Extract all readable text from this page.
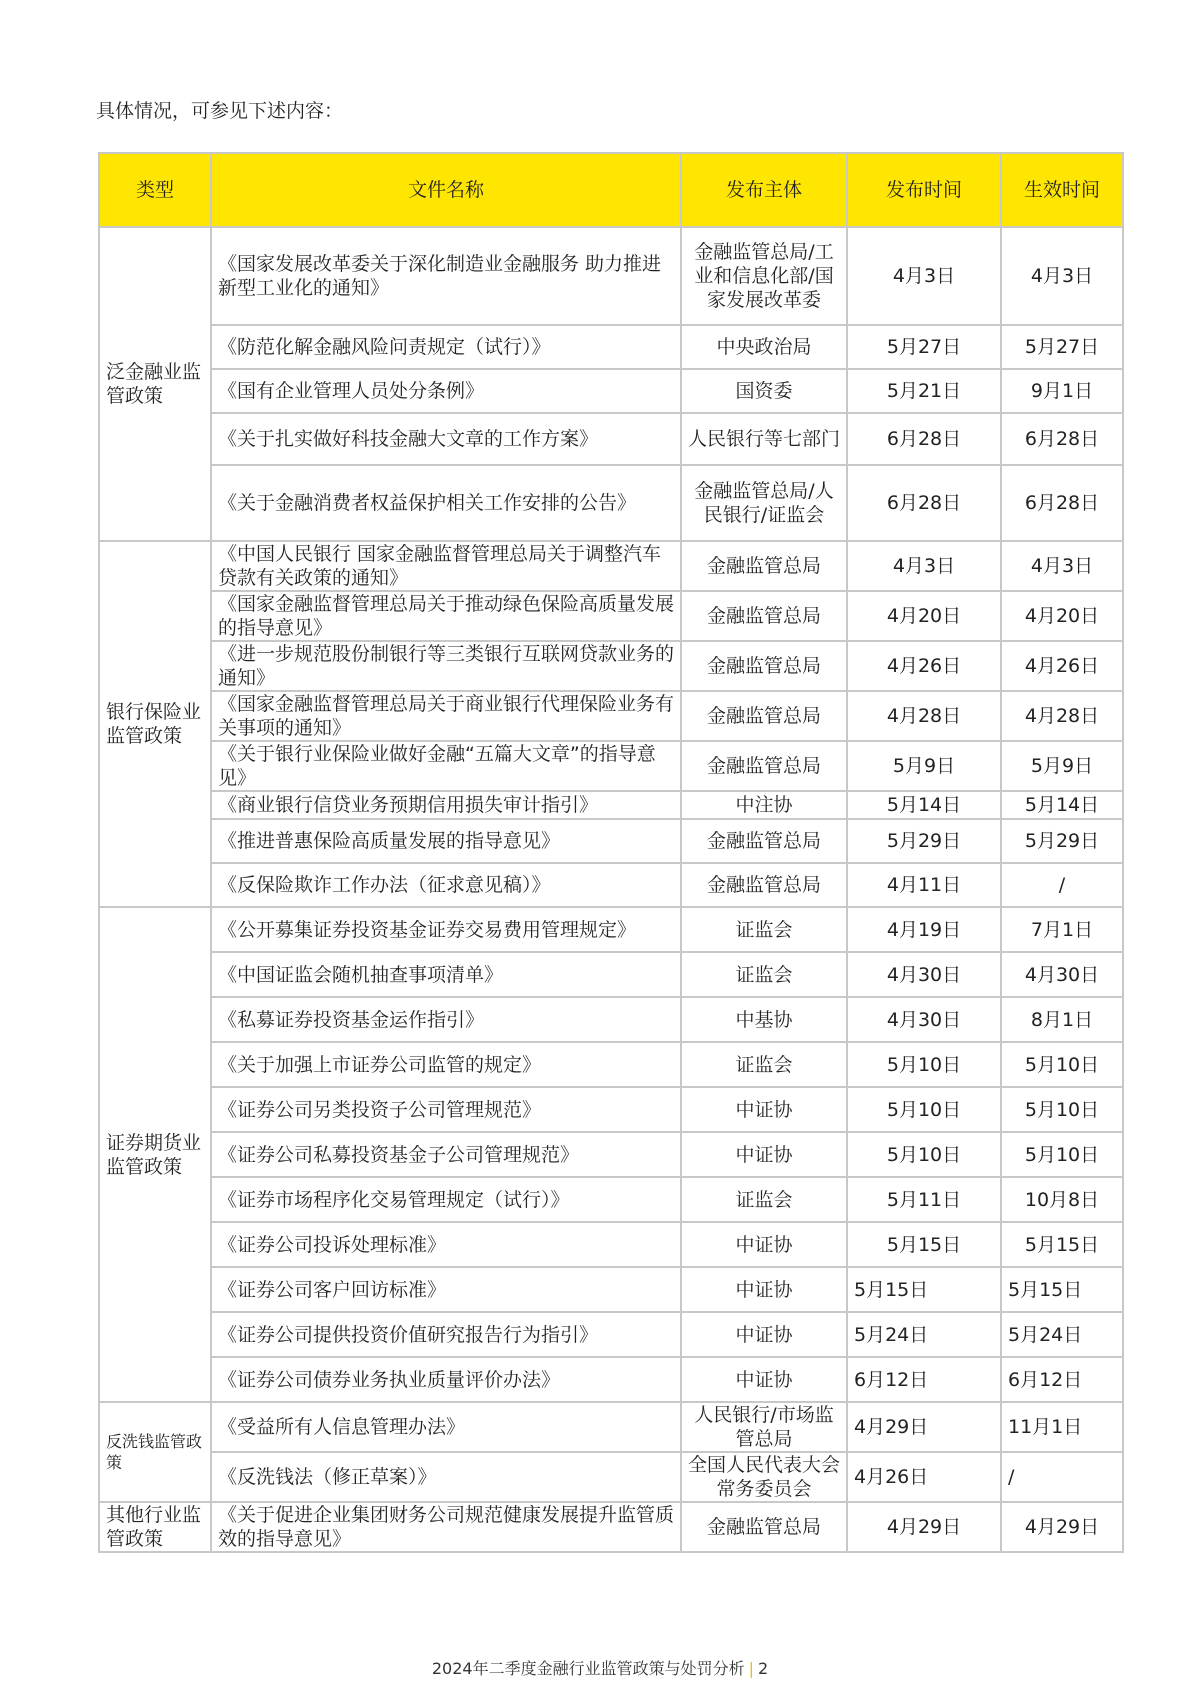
具体情况，可参见下述内容：
类型	文件名称	发布主体	发布时间	生效时间
泛金融业监管政策	《国家发展改革委关于深化制造业金融服务 助力推进新型工业化的通知》	金融监管总局/工业和信息化部/国家发展改革委	4月3日	4月3日
	《防范化解金融风险问责规定（试行）》	中央政治局	5月27日	5月27日
	《国有企业管理人员处分条例》	国资委	5月21日	9月1日
	《关于扎实做好科技金融大文章的工作方案》	人民银行等七部门	6月28日	6月28日
	《关于金融消费者权益保护相关工作安排的公告》	金融监管总局/人民银行/证监会	6月28日	6月28日
银行保险业监管政策	《中国人民银行 国家金融监督管理总局关于调整汽车贷款有关政策的通知》	金融监管总局	4月3日	4月3日
	《国家金融监督管理总局关于推动绿色保险高质量发展的指导意见》	金融监管总局	4月20日	4月20日
	《进一步规范股份制银行等三类银行互联网贷款业务的通知》	金融监管总局	4月26日	4月26日
	《国家金融监督管理总局关于商业银行代理保险业务有关事项的通知》	金融监管总局	4月28日	4月28日
	《关于银行业保险业做好金融“五篇大文章”的指导意见》	金融监管总局	5月9日	5月9日
	《商业银行信贷业务预期信用损失审计指引》	中注协	5月14日	5月14日
	《推进普惠保险高质量发展的指导意见》	金融监管总局	5月29日	5月29日
	《反保险欺诈工作办法（征求意见稿）》	金融监管总局	4月11日	/
证券期货业监管政策	《公开募集证券投资基金证券交易费用管理规定》	证监会	4月19日	7月1日
	《中国证监会随机抽查事项清单》	证监会	4月30日	4月30日
	《私募证券投资基金运作指引》	中基协	4月30日	8月1日
	《关于加强上市证券公司监管的规定》	证监会	5月10日	5月10日
	《证券公司另类投资子公司管理规范》	中证协	5月10日	5月10日
	《证券公司私募投资基金子公司管理规范》	中证协	5月10日	5月10日
	《证券市场程序化交易管理规定（试行）》	证监会	5月11日	10月8日
	《证券公司投诉处理标准》	中证协	5月15日	5月15日
	《证券公司客户回访标准》	中证协	5月15日	5月15日
	《证券公司提供投资价值研究报告行为指引》	中证协	5月24日	5月24日
	《证券公司债券业务执业质量评价办法》	中证协	6月12日	6月12日
反洗钱监管政策	《受益所有人信息管理办法》	人民银行/市场监管总局	4月29日	11月1日
	《反洗钱法（修正草案）》	全国人民代表大会常务委员会	4月26日	/
其他行业监管政策	《关于促进企业集团财务公司规范健康发展提升监管质效的指导意见》	金融监管总局	4月29日	4月29日
2024年二季度金融行业监管政策与处罚分析 | 2
